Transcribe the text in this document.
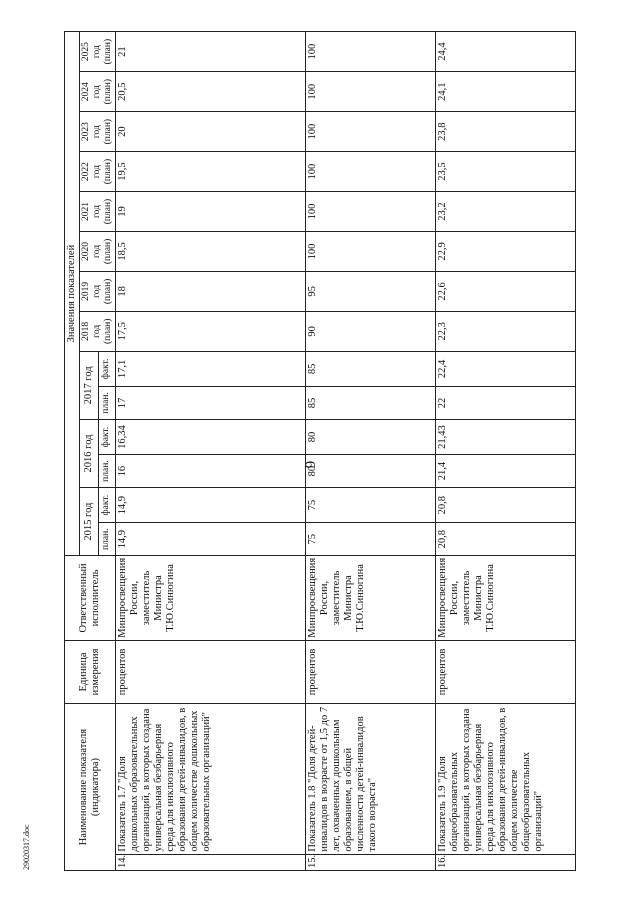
6
29020317.doc
Наименование показателя (индикатора)		Единица измерения	Ответственный исполнитель	Значения показателей													
				2015 год		2016 год		2017 год		2018
год
(план)	2019
год
(план)	2020
год
(план)	2021
год
(план)	2022
год
(план)	2023
год
(план)	2024
год
(план)	2025
год
(план)
				план.	факт.	план.	факт.	план.	факт.								
14.	Показатель 1.7 "Доля дошкольных образовательных организаций, в которых создана универсальная безбарьерная среда для инклюзивного образования детей-инвалидов, в общем количестве дошкольных образовательных организаций"	процентов	Минпросвещения России, заместитель Министра Т.Ю.Синюгина	14,9	14,9	16	16,34	17	17,1	17,5	18	18,5	19	19,5	20	20,5	21
15.	Показатель 1.8 "Доля детей-инвалидов в возрасте от 1,5 до 7 лет, охваченных дошкольным образованием, в общей численности детей-инвалидов такого возраста"	процентов	Минпросвещения России, заместитель Министра Т.Ю.Синюгина	75	75	80	80	85	85	90	95	100	100	100	100	100	100
16.	Показатель 1.9 "Доля общеобразовательных организаций, в которых создана универсальная безбарьерная среда для инклюзивного образования детей-инвалидов, в общем количестве общеобразовательных организаций"	процентов	Минпросвещения России, заместитель Министра Т.Ю.Синюгина	20,8	20,8	21,4	21,43	22	22,4	22,3	22,6	22,9	23,2	23,5	23,8	24,1	24,4
